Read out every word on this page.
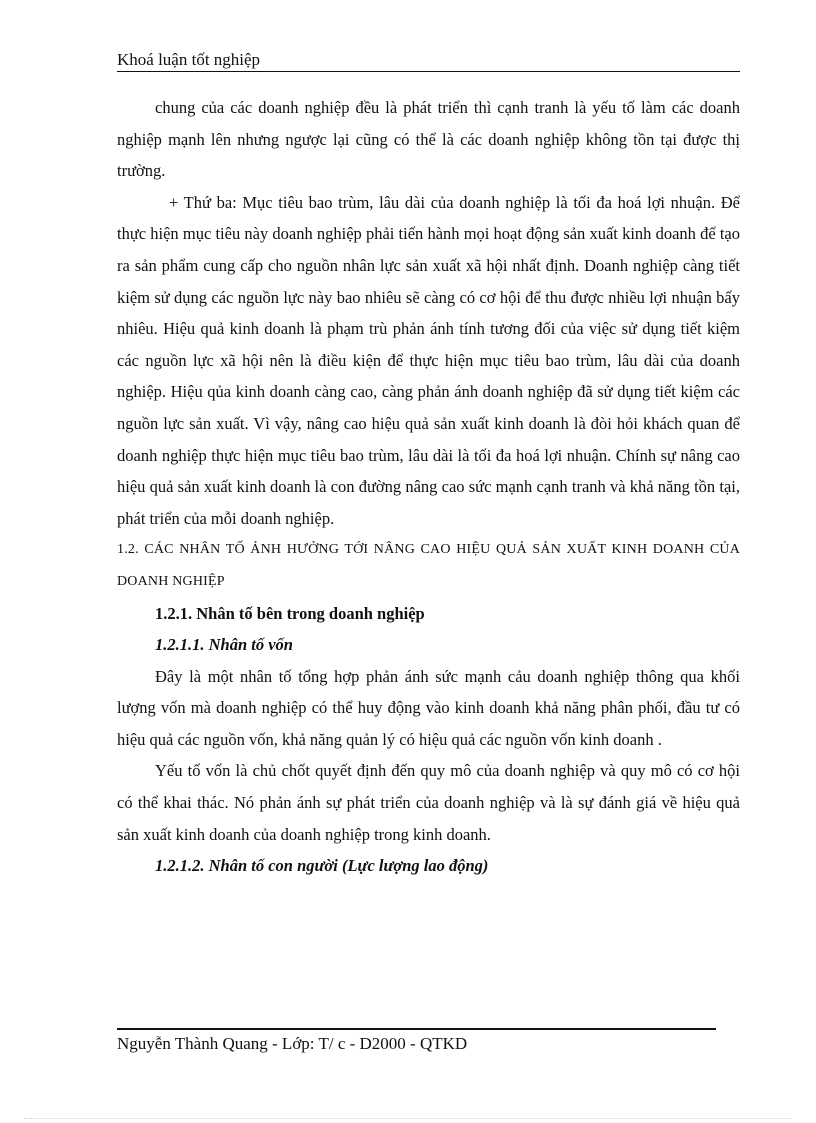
Khoá luận tốt nghiệp

chung của các doanh nghiệp đều là phát triển thì cạnh tranh là yếu tố làm các doanh nghiệp mạnh lên nhưng ngược lại cũng có thể là các doanh nghiệp không tồn tại được thị trường.

+ Thứ ba: Mục tiêu bao trùm, lâu dài của doanh nghiệp là tối đa hoá lợi nhuận. Để thực hiện mục tiêu này doanh nghiệp phải tiến hành mọi hoạt động sản xuất kinh doanh để tạo ra sản phẩm cung cấp cho nguồn nhân lực sản xuất xã hội nhất định. Doanh nghiệp càng tiết kiệm sử dụng các nguồn lực này bao nhiêu sẽ càng có cơ hội để thu được nhiều lợi nhuận bấy nhiêu. Hiệu quả kinh doanh là phạm trù phản ánh tính tương đối của việc sử dụng tiết kiệm các nguồn lực xã hội nên là điều kiện để thực hiện mục tiêu bao trùm, lâu dài của doanh nghiệp. Hiệu qủa kinh doanh càng cao, càng phản ánh doanh nghiệp đã sử dụng tiết kiệm các nguồn lực sản xuất. Vì vậy, nâng cao hiệu quả sản xuất kinh doanh là đòi hỏi khách quan để doanh nghiệp thực hiện mục tiêu bao trùm, lâu dài là tối đa hoá lợi nhuận. Chính sự nâng cao hiệu quả sản xuất kinh doanh là con đường nâng cao sức mạnh cạnh tranh và khả năng tồn tại, phát triển của mỗi doanh nghiệp.

1.2. CÁC NHÂN TỐ ẢNH HƯỞNG TỚI NÂNG CAO HIỆU QUẢ SẢN XUẤT KINH DOANH CỦA DOANH NGHIỆP

1.2.1. Nhân tố bên trong doanh nghiệp

1.2.1.1. Nhân tố vốn

Đây là một nhân tố tổng hợp phản ánh sức mạnh cảu doanh nghiệp thông qua khối lượng vốn mà doanh nghiệp có thể huy động vào kinh doanh khả năng phân phối, đầu tư có hiệu quả các nguồn vốn, khả năng quản lý có hiệu quả các nguồn vốn kinh doanh .

Yếu tố vốn là chủ chốt quyết định đến quy mô của doanh nghiệp và quy mô có cơ hội có thể khai thác. Nó phản ánh sự phát triển của doanh nghiệp và là sự đánh giá về hiệu quả sản xuất kinh doanh của doanh nghiệp trong kinh doanh.

1.2.1.2. Nhân tố con người (Lực lượng lao động)

Nguyễn Thành Quang - Lớp: T/ c - D2000 - QTKD
